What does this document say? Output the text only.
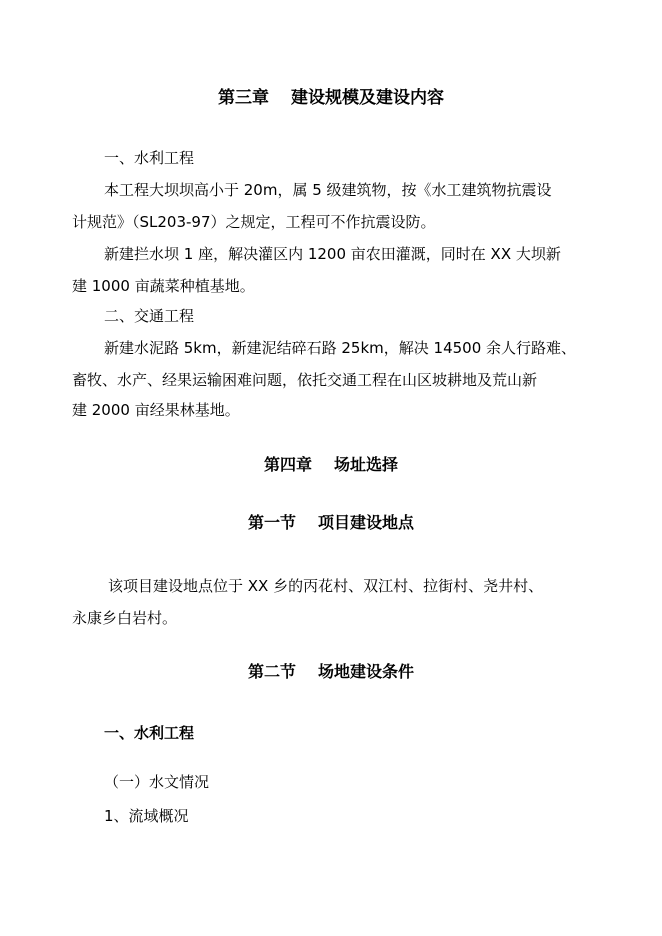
第三章 建设规模及建设内容
一、水利工程
本工程大坝坝高小于 20m，属 5 级建筑物，按《水工建筑物抗震设
计规范》（SL203-97）之规定，工程可不作抗震设防。
新建拦水坝 1 座，解决灌区内 1200 亩农田灌溉，同时在 XX 大坝新
建 1000 亩蔬菜种植基地。
二、交通工程
新建水泥路 5km，新建泥结碎石路 25km，解决 14500 余人行路难、
畜牧、水产、经果运输困难问题，依托交通工程在山区坡耕地及荒山新
建 2000 亩经果林基地。
第四章 场址选择
第一节 项目建设地点
该项目建设地点位于 XX 乡的丙花村、双江村、拉街村、尧井村、
永康乡白岩村。
第二节 场地建设条件
一、水利工程
（一）水文情况
1、流域概况
